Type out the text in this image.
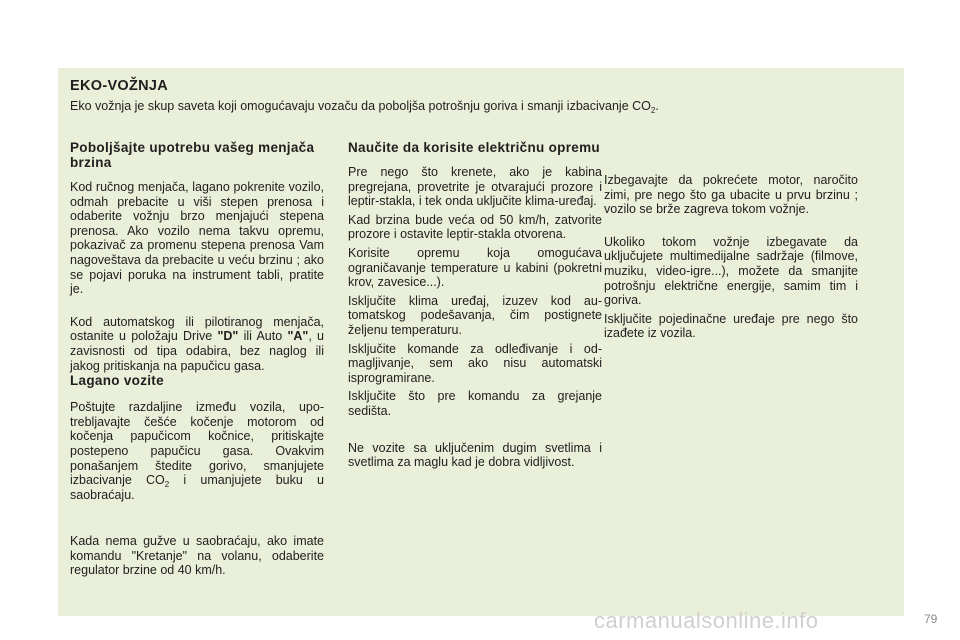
EKO-VOŽNJA

Eko vožnja je skup saveta koji omogućavaju vozaču da poboljša potrošnju goriva i smanji izbacivanje $CO_2$.

Poboljšajte upotrebu vašeg menjača brzina

Kod ručnog menjača, lagano pokrenite vozilo, odmah prebacite u viši stepen prenosa i odaberite vožnju brzo menjajući stepena prenosa. Ako vozilo nema takvu opremu, pokazivač za promenu stepena prenosa Vam nagoveštava da prebacite u veću brzinu ; ako se pojavi poruka na instrument tabli, pratite je.

Kod automatskog ili pilotiranog menjača, ostanite u položaju Drive "D" ili Auto "A", u zavisnosti od tipa odabira, bez naglog ili jakog pritiskanja na papučicu gasa.

Lagano vozite

Poštujte razdaljine između vozila, upotrebljavajte češće kočenje motorom od kočenja papučicom kočnice, pritiskajte postepeno papučicu gasa. Ovakvim ponašanjem štedite gorivo, smanjujete izbacivanje $CO_2$ i umanjujete buku u saobraćaju.

Kada nema gužve u saobraćaju, ako imate komandu "Kretanje" na volanu, odaberite regulator brzine od 40 km/h.

Naučite da korisite električnu opremu

Pre nego što krenete, ako je kabina pregrejana, provetrite je otvarajući prozore i leptir-stakla, i tek onda uključite klima-uređaj.

Kad brzina bude veća od 50 km/h, zatvorite prozore i ostavite leptir-stakla otvorena.

Korisite opremu koja omogućava ograničavanje temperature u kabini (pokretni krov, zavesice...).

Isključite klima uređaj, izuzev kod automatskog podešavanja, čim postignete željenu temperaturu.

Isključite komande za odleđivanje i odmagljivanje, sem ako nisu automatski isprogramirane.

Isključite što pre komandu za grejanje sedišta.

Ne vozite sa uključenim dugim svetlima i svetlima za maglu kad je dobra vidljivost.

Izbegavajte da pokrećete motor, naročito zimi, pre nego što ga ubacite u prvu brzinu ; vozilo se brže zagreva tokom vožnje.

Ukoliko tokom vožnje izbegavate da uključujete multimedijalne sadržaje (filmove, muziku, video-igre...), možete da smanjite potrošnju električne energije, samim tim i goriva.

Isključite pojedinačne uređaje pre nego što izađete iz vozila.

carmanualsonline.info	79
